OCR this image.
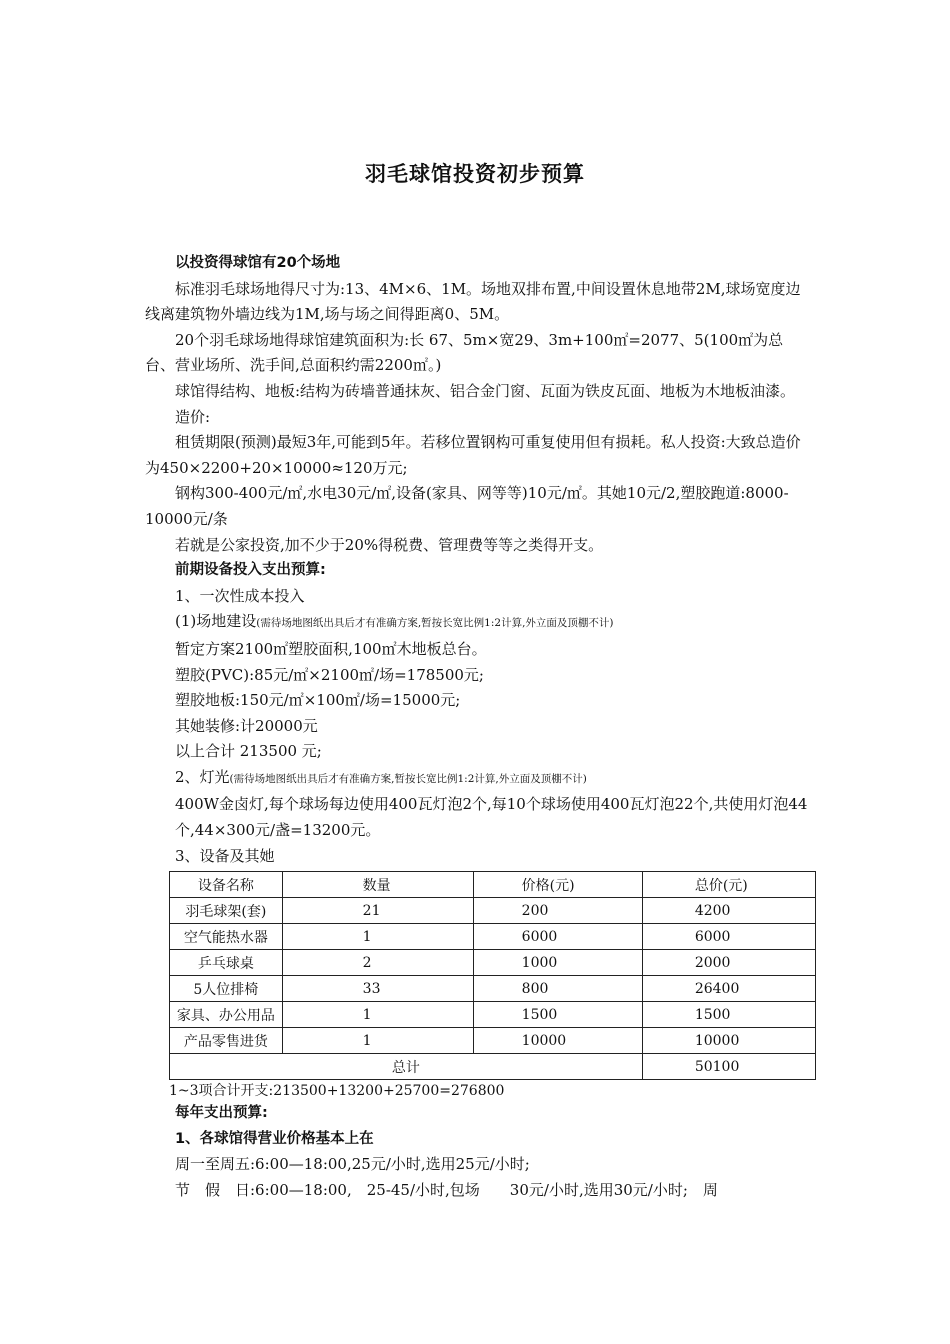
羽毛球馆投资初步预算

以投资得球馆有20个场地

标准羽毛球场地得尺寸为:13、4M×6、1M。场地双排布置,中间设置休息地带2M,球场宽度边线离建筑物外墙边线为1M,场与场之间得距离0、5M。

20个羽毛球场地得球馆建筑面积为:长 67、5m×宽29、3m+100㎡=2077、5(100㎡为总台、营业场所、洗手间,总面积约需2200㎡。)

球馆得结构、地板:结构为砖墙普通抹灰、铝合金门窗、瓦面为铁皮瓦面、地板为木地板油漆。

造价:

租赁期限(预测)最短3年,可能到5年。若移位置钢构可重复使用但有损耗。私人投资:大致总造价为450×2200+20×10000≈120万元;

钢构300-400元/㎡,水电30元/㎡,设备(家具、网等等)10元/㎡。其她10元/2,塑胶跑道:8000-10000元/条

若就是公家投资,加不少于20%得税费、管理费等等之类得开支。

前期设备投入支出预算:

1、一次性成本投入

(1)场地建设(需待场地图纸出具后才有准确方案,暂按长宽比例1:2计算,外立面及顶棚不计)

暂定方案2100㎡塑胶面积,100㎡木地板总台。

塑胶(PVC):85元/㎡×2100㎡/场=178500元;

塑胶地板:150元/㎡×100㎡/场=15000元;

其她装修:计20000元

以上合计 213500 元;

2、灯光(需待场地图纸出具后才有准确方案,暂按长宽比例1:2计算,外立面及顶棚不计)

400W金卤灯,每个球场每边使用400瓦灯泡2个,每10个球场使用400瓦灯泡22个,共使用灯泡44个,44×300元/盏=13200元。

3、设备及其她

设备名称	数量	价格(元)	总价(元)
羽毛球架(套)	21	200	4200
空气能热水器	1	6000	6000
乒乓球桌	2	1000	2000
5人位排椅	33	800	26400
家具、办公用品	1	1500	1500
产品零售进货	1	10000	10000
总计			50100
1~3项合计开支:213500+13200+25700=276800

每年支出预算:

1、各球馆得营业价格基本上在

周一至周五:6:00—18:00,25元/小时,选用25元/小时;

节　假　日:6:00—18:00,　25-45/小时,包场　　30元/小时,选用30元/小时;　周
